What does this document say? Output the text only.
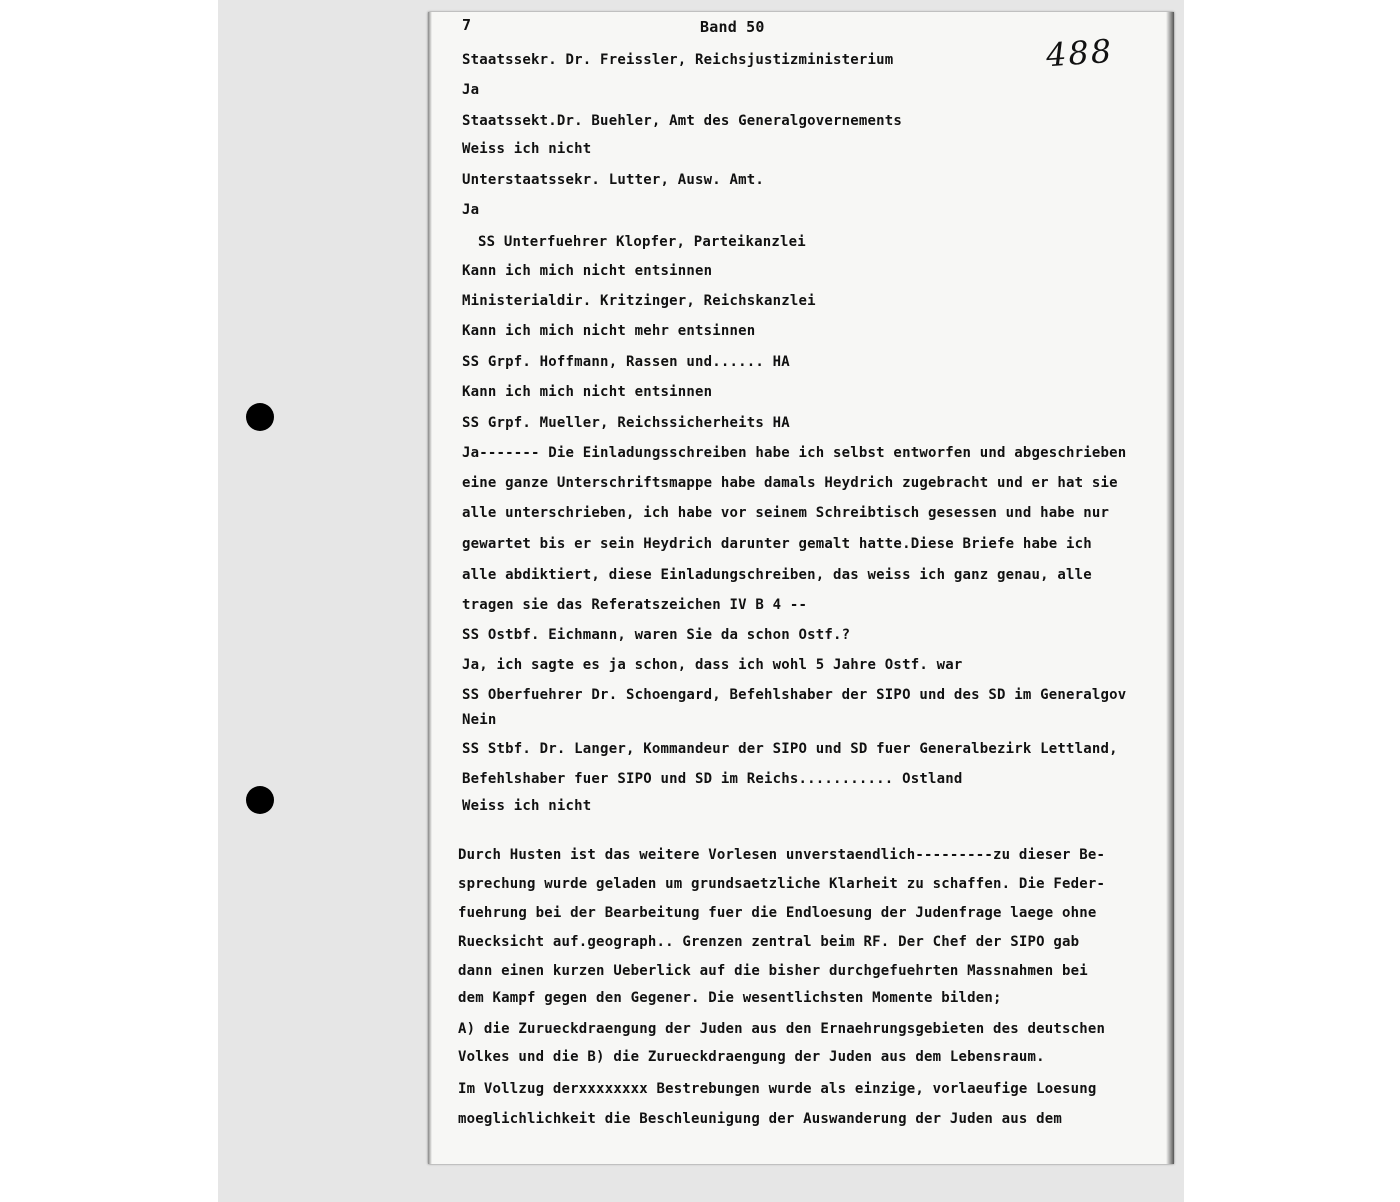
7	Band 50
488
Staatssekr. Dr. Freissler, Reichsjustizministerium
Ja
Staatssekt.Dr. Buehler, Amt des Generalgovernements
Weiss ich nicht
Unterstaatssekr. Lutter, Ausw. Amt.
Ja
SS Unterfuehrer Klopfer, Parteikanzlei
Kann ich mich nicht entsinnen
Ministerialdir. Kritzinger, Reichskanzlei
Kann ich mich nicht mehr entsinnen
SS Grpf. Hoffmann, Rassen und...... HA
Kann ich mich nicht entsinnen
SS Grpf. Mueller, Reichssicherheits HA
Ja------- Die Einladungsschreiben habe ich selbst entworfen und abgeschrieben
eine ganze Unterschriftsmappe habe damals Heydrich zugebracht und er hat sie
alle unterschrieben, ich habe vor seinem Schreibtisch gesessen und habe nur
gewartet bis er sein Heydrich darunter gemalt hatte.Diese Briefe habe ich
alle abdiktiert, diese Einladungschreiben, das weiss ich ganz genau, alle
tragen sie das Referatszeichen IV B 4 --
SS Ostbf. Eichmann, waren Sie da schon Ostf.?
Ja, ich sagte es ja schon, dass ich wohl 5 Jahre Ostf. war
SS Oberfuehrer Dr. Schoengard, Befehlshaber der SIPO und des SD im Generalgov
Nein
SS Stbf. Dr. Langer, Kommandeur der SIPO und SD fuer Generalbezirk Lettland,
Befehlshaber fuer SIPO und SD im Reichs........... Ostland
Weiss ich nicht
Durch Husten ist das weitere Vorlesen unverstaendlich---------zu dieser Be-
sprechung wurde geladen um grundsaetzliche Klarheit zu schaffen. Die Feder-
fuehrung bei der Bearbeitung fuer die Endloesung der Judenfrage laege ohne
Ruecksicht auf.geograph.. Grenzen zentral beim RF. Der Chef der SIPO gab
dann einen kurzen Ueberlick auf die bisher durchgefuehrten Massnahmen bei
dem Kampf gegen den Gegener. Die wesentlichsten Momente bilden;
A) die Zurueckdraengung der Juden aus den Ernaehrungsgebieten des deutschen
Volkes und die B) die Zurueckdraengung der Juden aus dem Lebensraum.
Im Vollzug derxxxxxxxx Bestrebungen wurde als einzige, vorlaeufige Loesung
moeglichlichkeit die Beschleunigung der Auswanderung der Juden aus dem
